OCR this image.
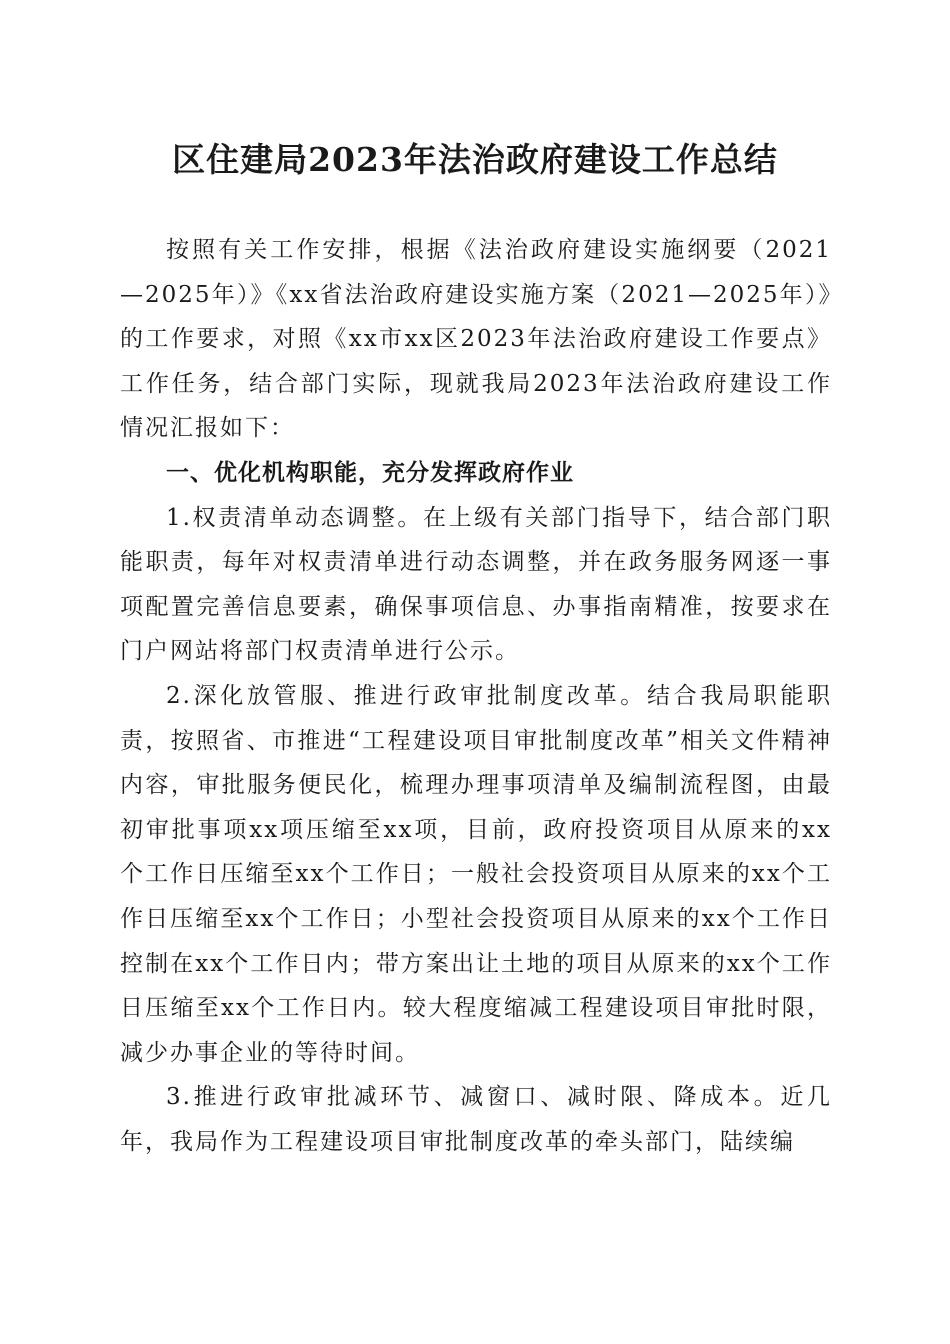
区住建局2023年法治政府建设工作总结

按照有关工作安排，根据《法治政府建设实施纲要（2021—2025年）》《xx省法治政府建设实施方案（2021—2025年）》的工作要求，对照《xx市xx区2023年法治政府建设工作要点》工作任务，结合部门实际，现就我局2023年法治政府建设工作情况汇报如下：

一、优化机构职能，充分发挥政府作业

1.权责清单动态调整。在上级有关部门指导下，结合部门职能职责，每年对权责清单进行动态调整，并在政务服务网逐一事项配置完善信息要素，确保事项信息、办事指南精准，按要求在门户网站将部门权责清单进行公示。

2.深化放管服、推进行政审批制度改革。结合我局职能职责，按照省、市推进“工程建设项目审批制度改革”相关文件精神内容，审批服务便民化，梳理办理事项清单及编制流程图，由最初审批事项xx项压缩至xx项，目前，政府投资项目从原来的xx个工作日压缩至xx个工作日；一般社会投资项目从原来的xx个工作日压缩至xx个工作日；小型社会投资项目从原来的xx个工作日控制在xx个工作日内；带方案出让土地的项目从原来的xx个工作日压缩至xx个工作日内。较大程度缩减工程建设项目审批时限，减少办事企业的等待时间。

3.推进行政审批减环节、减窗口、减时限、降成本。近几年，我局作为工程建设项目审批制度改革的牵头部门，陆续编
